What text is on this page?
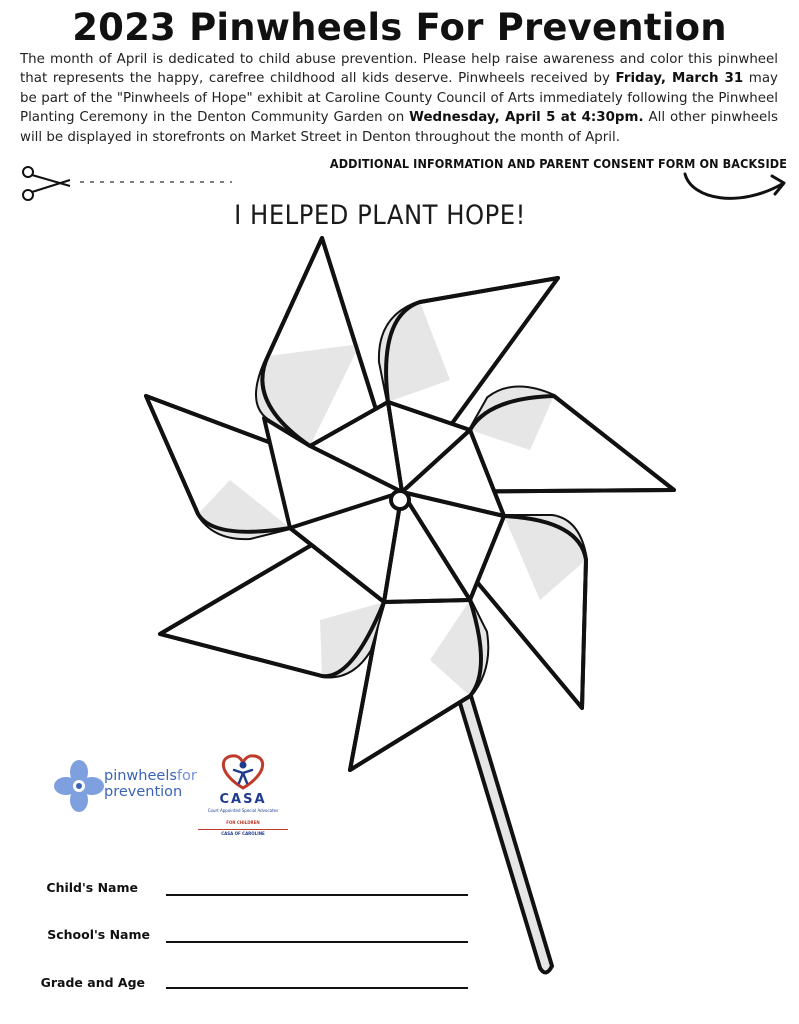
2023 Pinwheels For Prevention

The month of April is dedicated to child abuse prevention. Please help raise awareness and color this pinwheel that represents the happy, carefree childhood all kids deserve. Pinwheels received by Friday, March 31 may be part of the "Pinwheels of Hope" exhibit at Caroline County Council of Arts immediately following the Pinwheel Planting Ceremony in the Denton Community Garden on Wednesday, April 5 at 4:30pm. All other pinwheels will be displayed in storefronts on Market Street in Denton throughout the month of April.

ADDITIONAL INFORMATION AND PARENT CONSENT FORM ON BACKSIDE
I HELPED PLANT HOPE!
pinwheelsfor
prevention	CASA
Court Appointed Special Advocates
FOR CHILDREN
CASA OF CAROLINE
Child's Name
School's Name
Grade and Age
